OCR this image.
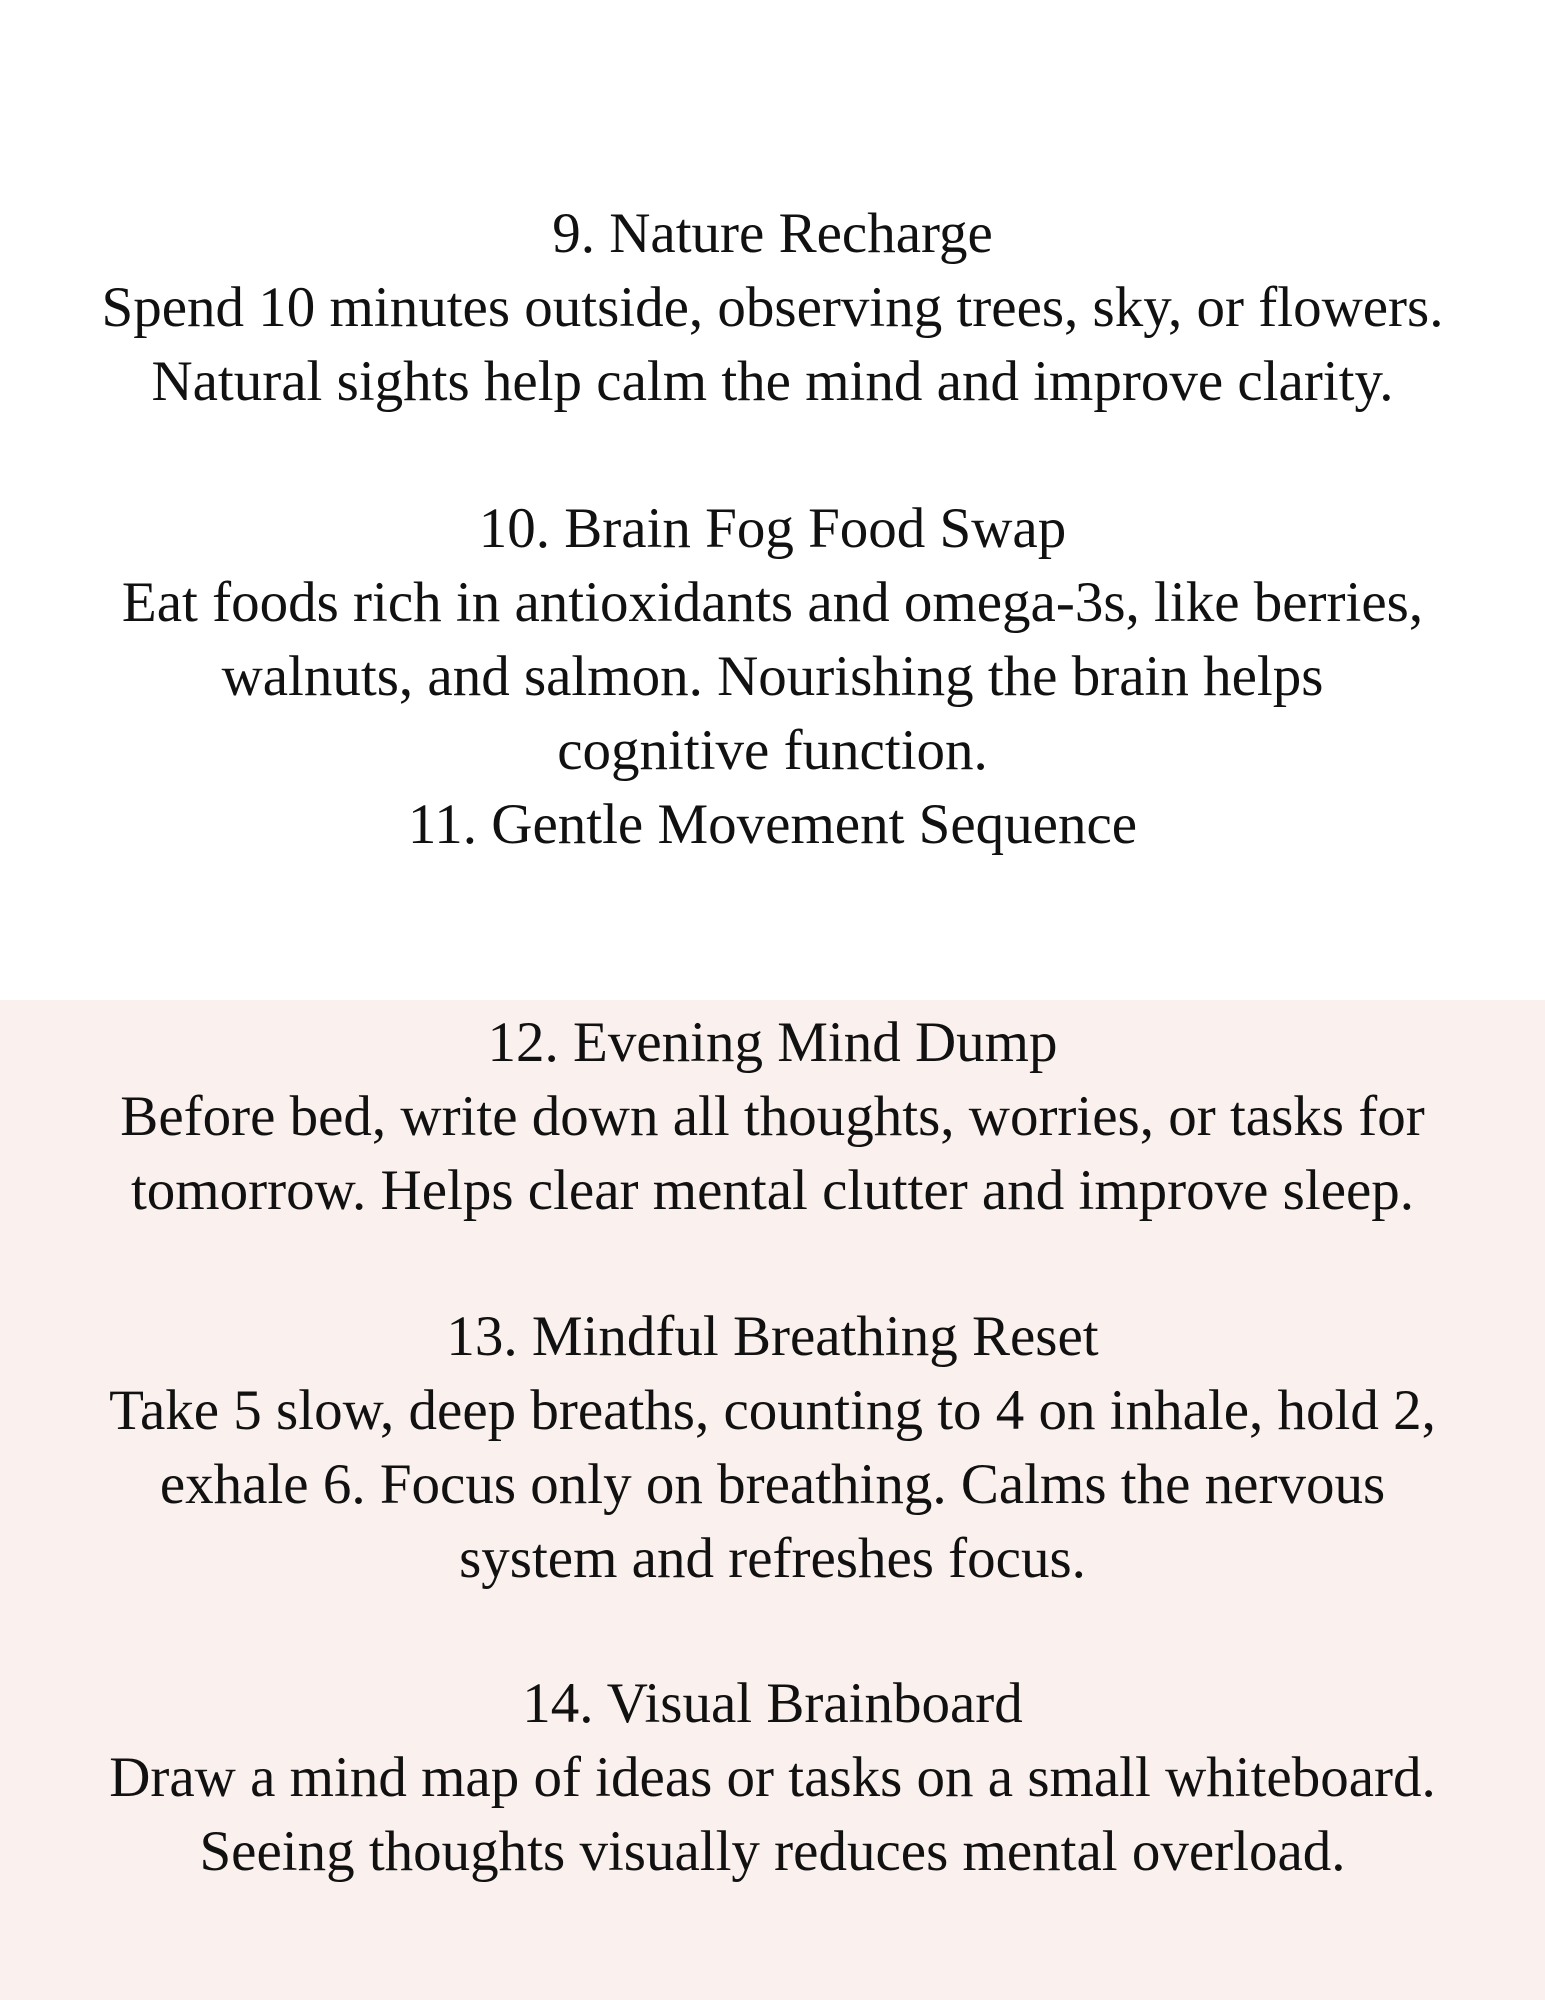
9. Nature Recharge
Spend 10 minutes outside, observing trees, sky, or flowers.
Natural sights help calm the mind and improve clarity.
10. Brain Fog Food Swap
Eat foods rich in antioxidants and omega-3s, like berries,
walnuts, and salmon. Nourishing the brain helps
cognitive function.
11. Gentle Movement Sequence
12. Evening Mind Dump
Before bed, write down all thoughts, worries, or tasks for
tomorrow. Helps clear mental clutter and improve sleep.
13. Mindful Breathing Reset
Take 5 slow, deep breaths, counting to 4 on inhale, hold 2,
exhale 6. Focus only on breathing. Calms the nervous
system and refreshes focus.
14. Visual Brainboard
Draw a mind map of ideas or tasks on a small whiteboard.
Seeing thoughts visually reduces mental overload.
